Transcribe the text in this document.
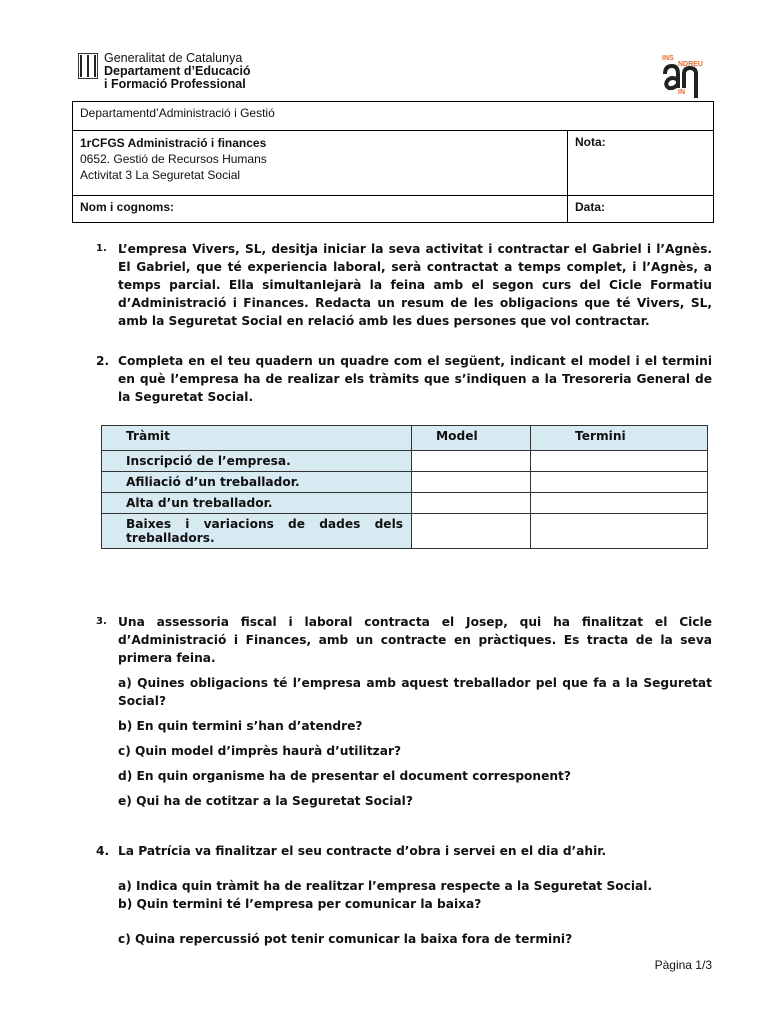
Generalitat de Catalunya
Departament d’Educació
i Formació Professional
INS
NDREU
IN
Departamentd’Administració i Gestió	

1rCFGS Administració i finances
0652. Gestió de Recursos Humans
Activitat 3 La Seguretat Social	Nota:
Nom i cognoms:	Data:
1. L’empresa Vivers, SL, desitja iniciar la seva activitat i contractar el Gabriel i l’Agnès. El Gabriel, que té experiencia laboral, serà contractat a temps complet, i l’Agnès, a temps parcial. Ella simultanIejarà la feina amb el segon curs del Cicle Formatiu d’Administració i Finances. Redacta un resum de les obligacions que té Vivers, SL, amb la Seguretat Social en relació amb les dues persones que vol contractar.
2. Completa en el teu quadern un quadre com el següent, indicant el model i el termini en què l’empresa ha de realizar els tràmits que s’indiquen a la Tresoreria General de la Seguretat Social.
3. Una assessoria fiscal i laboral contracta el Josep, qui ha finalitzat el Cicle d’Administració i Finances, amb un contracte en pràctiques. Es tracta de la seva primera feina.
a) Quines obligacions té l’empresa amb aquest treballador pel que fa a la Seguretat Social?
b) En quin termini s’han d’atendre?
c) Quin model d’imprès haurà d’utilitzar?
d) En quin organisme ha de presentar el document corresponent?
e) Qui ha de cotitzar a la Seguretat Social?
4. La Patrícia va finalitzar el seu contracte d’obra i servei en el dia d’ahir.
a) Indica quin tràmit ha de realitzar l’empresa respecte a la Seguretat Social.
b) Quin termini té l’empresa per comunicar la baixa?
c) Quina repercussió pot tenir comunicar la baixa fora de termini?
Tràmit	Model	Termini
Inscripció de l’empresa.		
Afiliació d’un treballador.		
Alta d’un treballador.		
Baixes i variacions de dades dels treballadors.		
Pàgina 1/3
